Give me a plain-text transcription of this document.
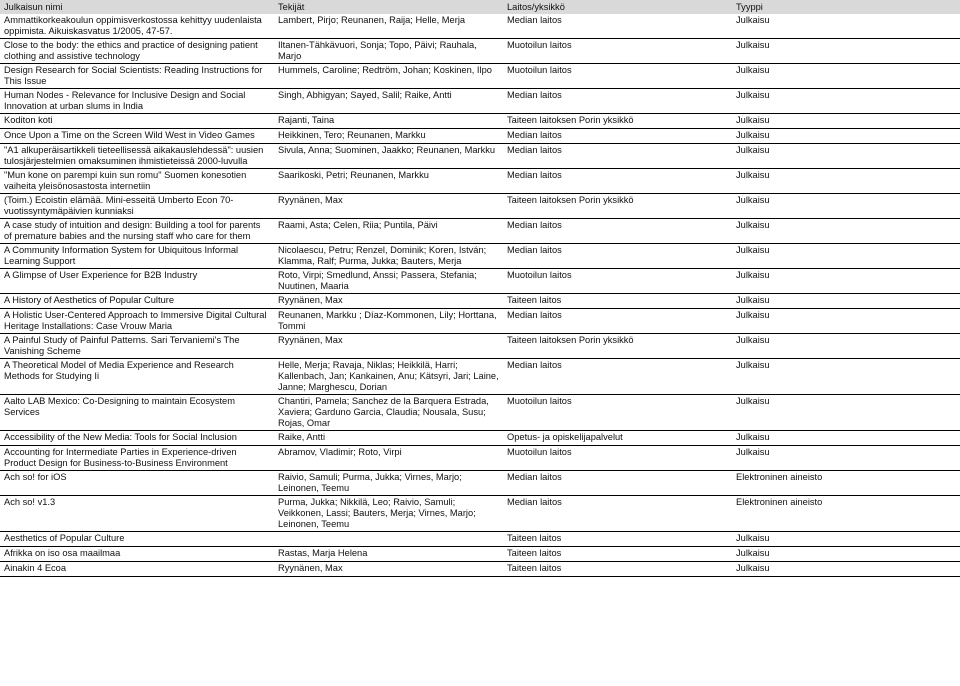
Julkaisun nimi	Tekijät	Laitos/yksikkö	Tyyppi
Ammattikorkeakoulun oppimisverkostossa kehittyy uudenlaista oppimista. Aikuiskasvatus 1/2005, 47-57.	Lambert, Pirjo; Reunanen, Raija; Helle, Merja	Median laitos	Julkaisu
Close to the body: the ethics and practice of designing patient clothing and assistive technology	Iltanen-Tähkävuori, Sonja; Topo, Päivi; Rauhala, Marjo	Muotoilun laitos	Julkaisu
Design Research for Social Scientists: Reading Instructions for This Issue	Hummels, Caroline; Redtröm, Johan; Koskinen, Ilpo	Muotoilun laitos	Julkaisu
Human Nodes - Relevance for Inclusive Design and Social Innovation at urban slums in India	Singh, Abhigyan; Sayed, Salil; Raike, Antti	Median laitos	Julkaisu
Koditon koti	Rajanti, Taina	Taiteen laitoksen Porin yksikkö	Julkaisu
Once Upon a Time on the Screen Wild West in Video Games	Heikkinen, Tero; Reunanen, Markku	Median laitos	Julkaisu
"A1 alkuperäisartikkeli tieteellisessä aikakauslehdessä": uusien tulosjärjestelmien omaksuminen ihmistieteissä 2000-luvulla	Sivula, Anna; Suominen, Jaakko; Reunanen, Markku	Median laitos	Julkaisu
"Mun kone on parempi kuin sun romu" Suomen konesotien vaiheita yleisönosastosta internetiin	Saarikoski, Petri; Reunanen, Markku	Median laitos	Julkaisu
(Toim.) Ecoistin elämää. Mini-esseitä Umberto Econ 70-vuotissyntymäpäivien kunniaksi	Ryynänen, Max	Taiteen laitoksen Porin yksikkö	Julkaisu
A case study of intuition and design: Building a tool for parents of premature babies and the nursing staff who care for them	Raami, Asta; Celen, Riia; Puntila, Päivi	Median laitos	Julkaisu
A Community Information System for Ubiquitous Informal Learning Support	Nicolaescu, Petru; Renzel, Dominik; Koren, István; Klamma, Ralf; Purma, Jukka; Bauters, Merja	Median laitos	Julkaisu
A Glimpse of User Experience for B2B Industry	Roto, Virpi; Smedlund, Anssi; Passera, Stefania; Nuutinen, Maaria	Muotoilun laitos	Julkaisu
A History of Aesthetics of Popular Culture	Ryynänen, Max	Taiteen laitos	Julkaisu
A Holistic User-Centered Approach to Immersive Digital Cultural Heritage Installations: Case Vrouw Maria	Reunanen, Markku ; Díaz-Kommonen, Lily; Horttana, Tommi	Median laitos	Julkaisu
A Painful Study of Painful Patterns. Sari Tervaniemi's The Vanishing Scheme	Ryynänen, Max	Taiteen laitoksen Porin yksikkö	Julkaisu
A Theoretical Model of Media Experience and Research Methods for Studying Ii	Helle, Merja; Ravaja, Niklas; Heikkilä, Harri; Kallenbach, Jan; Kankainen, Anu; Kätsyri, Jari; Laine, Janne; Marghescu, Dorian	Median laitos	Julkaisu
Aalto LAB Mexico: Co-Designing to maintain Ecosystem Services	Chantiri, Pamela; Sanchez de la Barquera Estrada, Xaviera; Garduno Garcia, Claudia; Nousala, Susu; Rojas, Omar	Muotoilun laitos	Julkaisu
Accessibility of the New Media: Tools for Social Inclusion	Raike, Antti	Opetus- ja opiskelijapalvelut	Julkaisu
Accounting for Intermediate Parties in Experience-driven Product Design for Business-to-Business Environment	Abramov, Vladimir; Roto, Virpi	Muotoilun laitos	Julkaisu
Ach so! for iOS	Raivio, Samuli; Purma, Jukka; Virnes, Marjo; Leinonen, Teemu	Median laitos	Elektroninen aineisto
Ach so! v1.3	Purma, Jukka; Nikkilä, Leo; Raivio, Samuli; Veikkonen, Lassi; Bauters, Merja; Virnes, Marjo; Leinonen, Teemu	Median laitos	Elektroninen aineisto
Aesthetics of Popular Culture		Taiteen laitos	Julkaisu
Afrikka on iso osa maailmaa	Rastas, Marja Helena	Taiteen laitos	Julkaisu
Ainakin 4 Ecoa	Ryynänen, Max	Taiteen laitos	Julkaisu
